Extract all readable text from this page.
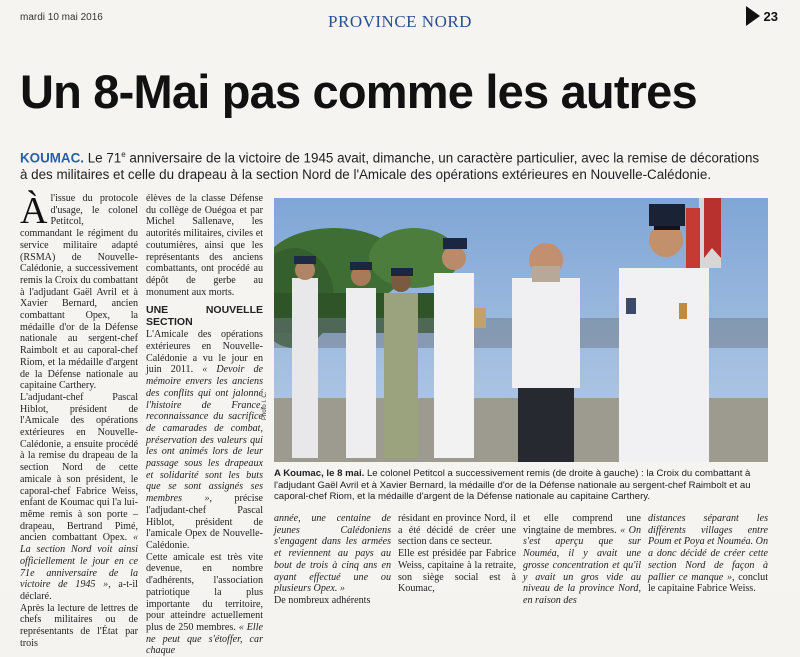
mardi 10 mai 2016	PROVINCE NORD	23
Un 8-Mai pas comme les autres
KOUMAC. Le 71e anniversaire de la victoire de 1945 avait, dimanche, un caractère particulier, avec la remise de décorations à des militaires et celle du drapeau à la section Nord de l'Amicale des opérations extérieures en Nouvelle-Calédonie.

Àl'issue du protocole d'usage, le colonel Petitcol, commandant le régiment du service militaire adapté (RSMA) de Nouvelle-Calédonie, a successivement remis la Croix du combattant à l'adjudant Gaël Avril et à Xavier Bernard, ancien combattant Opex, la médaille d'or de la Défense nationale au sergent-chef Raimbolt et au caporal-chef Riom, et la médaille d'argent de la Défense nationale au capitaine Carthery.

L'adjudant-chef Pascal Hiblot, président de l'Amicale des opérations extérieures en Nouvelle-Calédonie, a ensuite procédé à la remise du drapeau de la section Nord de cette amicale à son président, le caporal-chef Fabrice Weiss, enfant de Koumac qui l'a lui-même remis à son porte – drapeau, Bertrand Pimé, ancien combattant Opex. « La section Nord voit ainsi officiellement le jour en ce 71e anniversaire de la victoire de 1945 », a-t-il déclaré.

Après la lecture de lettres de chefs militaires ou de représentants de l'État par trois

élèves de la classe Défense du collège de Ouégoa et par Michel Sallenave, les autorités militaires, civiles et coutumières, ainsi que les représentants des anciens combattants, ont procédé au dépôt de gerbe au monument aux morts.

UNE NOUVELLE SECTION

L'Amicale des opérations extérieures en Nouvelle-Calédonie a vu le jour en juin 2011. « Devoir de mémoire envers les anciens des conflits qui ont jalonné l'histoire de France, reconnaissance du sacrifice de camarades de combat, préservation des valeurs qui les ont animés lors de leur passage sous les drapeaux et solidarité sont les buts que se sont assignés ses membres », précise l'adjudant-chef Pascal Hiblot, président de l'amicale Opex de Nouvelle-Calédonie.

Cette amicale est très vite devenue, en nombre d'adhérents, l'association patriotique la plus importante du territoire, pour atteindre actuellement plus de 250 membres. « Elle ne peut que s'étoffer, car chaque

Photo I. C.
A Koumac, le 8 mai. Le colonel Petitcol a successivement remis (de droite à gauche) : la Croix du combattant à l'adjudant Gaël Avril et à Xavier Bernard, la médaille d'or de la Défense nationale au sergent-chef Raimbolt et au caporal-chef Riom, et la médaille d'argent de la Défense nationale au capitaine Carthery.

année, une centaine de jeunes Calédoniens s'engagent dans les armées et reviennent au pays au bout de trois à cinq ans en ayant effectué une ou plusieurs Opex. »

De nombreux adhérents

résidant en province Nord, il a été décidé de créer une section dans ce secteur.

Elle est présidée par Fabrice Weiss, capitaine à la retraite, son siège social est à Koumac,

et elle comprend une vingtaine de membres. « On s'est aperçu que sur Nouméa, il y avait une grosse concentration et qu'il y avait un gros vide au niveau de la province Nord, en raison des

distances séparant les différents villages entre Poum et Poya et Nouméa. On a donc décidé de créer cette section Nord de façon à pallier ce manque », conclut le capitaine Fabrice Weiss.
